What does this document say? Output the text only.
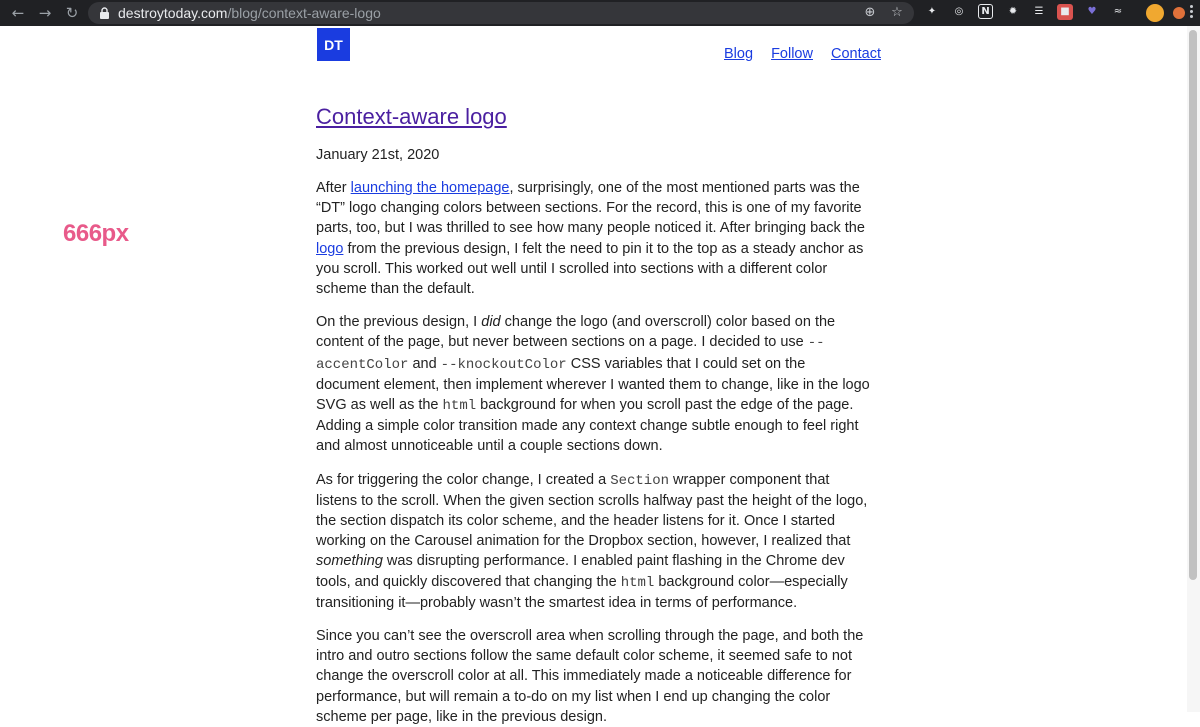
← → ↻	destroytoday.com/blog/context-aware-logo	⊕ ☆	✦	◎	N	✹	☰	■	♥	≈
DT
Blog Follow Contact
666px
Context-aware logo
January 21st, 2020

After launching the homepage, surprisingly, one of the most mentioned parts was the “DT” logo changing colors between sections. For the record, this is one of my favorite parts, too, but I was thrilled to see how many people noticed it. After bringing back the logo from the previous design, I felt the need to pin it to the top as a steady anchor as you scroll. This worked out well until I scrolled into sections with a different color scheme than the default.

On the previous design, I did change the logo (and overscroll) color based on the content of the page, but never between sections on a page. I decided to use --accentColor and --knockoutColor CSS variables that I could set on the document element, then implement wherever I wanted them to change, like in the logo SVG as well as the html background for when you scroll past the edge of the page. Adding a simple color transition made any context change subtle enough to feel right and almost unnoticeable until a couple sections down.

As for triggering the color change, I created a Section wrapper component that listens to the scroll. When the given section scrolls halfway past the height of the logo, the section dispatch its color scheme, and the header listens for it. Once I started working on the Carousel animation for the Dropbox section, however, I realized that something was disrupting performance. I enabled paint flashing in the Chrome dev tools, and quickly discovered that changing the html background color—especially transitioning it—probably wasn’t the smartest idea in terms of performance.

Since you can’t see the overscroll area when scrolling through the page, and both the intro and outro sections follow the same default color scheme, it seemed safe to not change the overscroll color at all. This immediately made a noticeable difference for performance, but will remain a to-do on my list when I end up changing the color scheme per page, like in the previous design.
